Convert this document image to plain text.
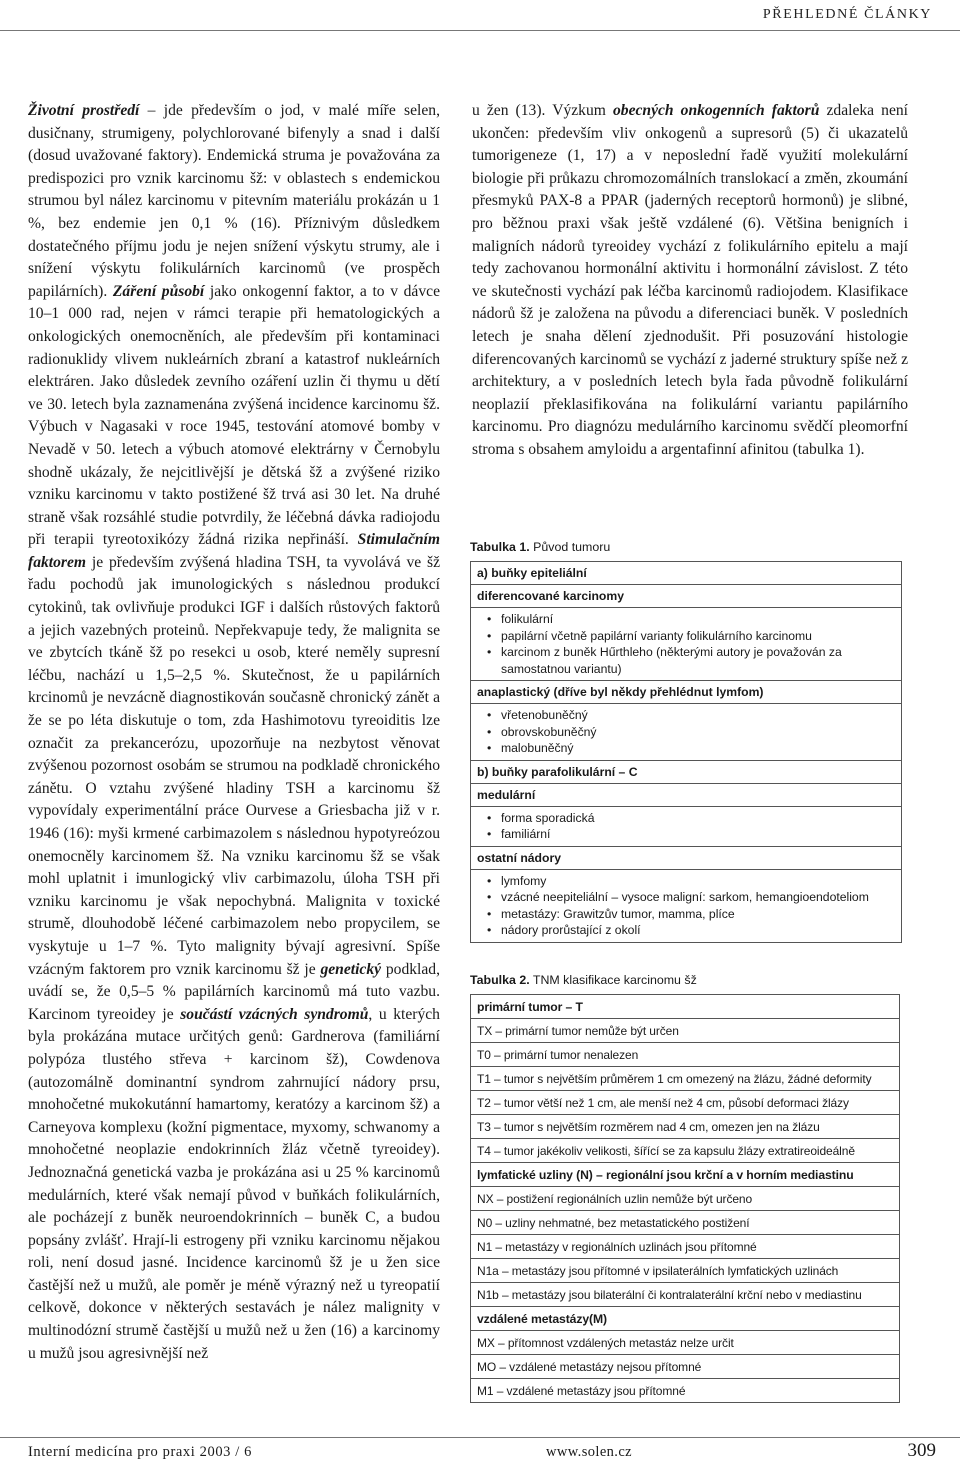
PŘEHLEDNÉ ČLÁNKY

Životní prostředí – jde především o jod, v malé míře selen, dusičnany, strumigeny, polychlorované bifenyly a snad i další (dosud uvažované faktory). Endemická struma je považována za predispozici pro vznik karcinomu šž: v oblastech s endemickou strumou byl nález karcinomu v pitevním materiálu prokázán u 1 %, bez endemie jen 0,1 % (16). Příznivým důsledkem dostatečného příjmu jodu je nejen snížení výskytu strumy, ale i snížení výskytu folikulárních karcinomů (ve prospěch papilárních). Záření působí jako onkogenní faktor, a to v dávce 10–1 000 rad, nejen v rámci terapie při hematologických a onkologických onemocněních, ale především při kontaminaci radionuklidy vlivem nukleárních zbraní a katastrof nukleárních elektráren. Jako důsledek zevního ozáření uzlin či thymu u dětí ve 30. letech byla zaznamenána zvýšená incidence karcinomu šž. Výbuch v Nagasaki v roce 1945, testování atomové bomby v Nevadě v 50. letech a výbuch atomové elektrárny v Černobylu shodně ukázaly, že nejcitlivější je dětská šž a zvýšené riziko vzniku karcinomu v takto postižené šž trvá asi 30 let. Na druhé straně však rozsáhlé studie potvrdily, že léčebná dávka radiojodu při terapii tyreotoxikózy žádná rizika nepřináší. Stimulačním faktorem je především zvýšená hladina TSH, ta vyvolává ve šž řadu pochodů jak imunologických s následnou produkcí cytokinů, tak ovlivňuje produkci IGF i dalších růstových faktorů a jejich vazebných proteinů. Nepřekvapuje tedy, že malignita se ve zbytcích tkáně šž po resekci u osob, které neměly supresní léčbu, nachází u 1,5–2,5 %. Skutečnost, že u papilárních krcinomů je nevzácně diagnostikován současně chronický zánět a že se po léta diskutuje o tom, zda Hashimotovu tyreoiditis lze označit za prekancerózu, upozorňuje na nezbytost věnovat zvýšenou pozornost osobám se strumou na podkladě chronického zánětu. O vztahu zvýšené hladiny TSH a karcinomu šž vypovídaly experimentální práce Ourvese a Griesbacha již v r. 1946 (16): myši krmené carbimazolem s následnou hypotyreózou onemocněly karcinomem šž. Na vzniku karcinomu šž se však mohl uplatnit i imunlogický vliv carbimazolu, úloha TSH při vzniku karcinomu je však nepochybná. Malignita v toxické strumě, dlouhodobě léčené carbimazolem nebo propycilem, se vyskytuje u 1–7 %. Tyto malignity bývají agresivní. Spíše vzácným faktorem pro vznik karcinomu šž je genetický podklad, uvádí se, že 0,5–5 % papilárních karcinomů má tuto vazbu. Karcinom tyreoidey je součástí vzácných syndromů, u kterých byla prokázána mutace určitých genů: Gardnerova (familiární polypóza tlustého střeva + karcinom šž), Cowdenova (autozomálně dominantní syndrom zahrnující nádory prsu, mnohočetné mukokutánní hamartomy, keratózy a karcinom šž) a Carneyova komplexu (kožní pigmentace, myxomy, schwanomy a mnohočetné neoplazie endokrinních žláz včetně tyreoidey). Jednoznačná genetická vazba je prokázána asi u 25 % karcinomů medulárních, které však nemají původ v buňkách folikulárních, ale pocházejí z buněk neuroendokrinních – buněk C, a budou popsány zvlášť. Hrají-li estrogeny při vzniku karcinomu nějakou roli, není dosud jasné. Incidence karcinomů šž je u žen sice častější než u mužů, ale poměr je méně výrazný než u tyreopatií celkově, dokonce v některých sestavách je nález malignity v multinodózní strumě častější u mužů než u žen (16) a karcinomy u mužů jsou agresivnější než

u žen (13). Výzkum obecných onkogenních faktorů zdaleka není ukončen: především vliv onkogenů a supresorů (5) či ukazatelů tumorigeneze (1, 17) a v neposlední řadě využití molekulární biologie při průkazu chromozomálních translokací a změn, zkoumání přesmyků PAX-8 a PPAR (jaderných receptorů hormonů) je slibné, pro běžnou praxi však ještě vzdálené (6). Většina benigních i maligních nádorů tyreoidey vychází z folikulárního epitelu a mají tedy zachovanou hormonální aktivitu i hormonální závislost. Z této ve skutečnosti vychází pak léčba karcinomů radiojodem. Klasifikace nádorů šž je založena na původu a diferenciaci buněk. V posledních letech je snaha dělení zjednodušit. Při posuzování histologie diferencovaných karcinomů se vychází z jaderné struktury spíše než z architektury, a v posledních letech byla řada původně folikulární neoplazií překlasifikována na folikulární variantu papilárního karcinomu. Pro diagnózu medulárního karcinomu svědčí pleomorfní stroma s obsahem amyloidu a argentafinní afinitou (tabulka 1).

Tabulka 1. Původ tumoru
a) buňky epiteliální
diferencované karcinomy
• folikulární
• papilární včetně papilární varianty folikulárního karcinomu
• karcinom z buněk Hűrthleho (některými autory je považován za samostatnou variantu)
anaplastický (dříve byl někdy přehlédnut lymfom)
• vřetenobuněčný
• obrovskobuněčný
• malobuněčný
b) buňky parafolikulární – C
medulární
• forma sporadická
• familiární
ostatní nádory
• lymfomy
• vzácné neepiteliální – vysoce maligní: sarkom, hemangioendoteliom
• metastázy: Grawitzův tumor, mamma, plíce
• nádory prorůstající z okolí
Tabulka 2. TNM klasifikace karcinomu šž
primární tumor – T
TX – primární tumor nemůže být určen
T0 – primární tumor nenalezen
T1 – tumor s největším průměrem 1 cm omezený na žlázu, žádné deformity
T2 – tumor větší než 1 cm, ale menší než 4 cm, působí deformaci žlázy
T3 – tumor s největším rozměrem nad 4 cm, omezen jen na žlázu
T4 – tumor jakékoliv velikosti, šířící se za kapsulu žlázy extratireoideálně
lymfatické uzliny (N) – regionální jsou krční a v horním mediastinu
NX – postižení regionálních uzlin nemůže být určeno
N0 – uzliny nehmatné, bez metastatického postižení
N1 – metastázy v regionálních uzlinách jsou přítomné
N1a – metastázy jsou přítomné v ipsilaterálních lymfatických uzlinách
N1b – metastázy jsou bilaterální či kontralaterální krční nebo v mediastinu
vzdálené metastázy(M)
MX – přítomnost vzdálených metastáz nelze určit
MO – vzdálené metastázy nejsou přítomné
M1 – vzdálené metastázy jsou přítomné
Interní medicína pro praxi 2003 / 6	www.solen.cz	309
